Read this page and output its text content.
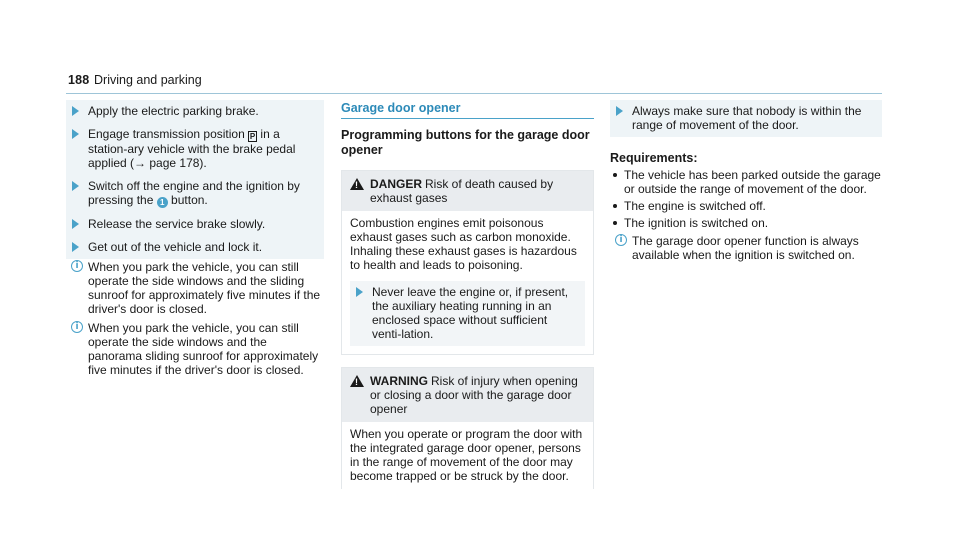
188 Driving and parking
Apply the electric parking brake.
Engage transmission position P in a station-ary vehicle with the brake pedal applied (→ page 178).
Switch off the engine and the ignition by pressing the 1 button.
Release the service brake slowly.
Get out of the vehicle and lock it.
i When you park the vehicle, you can still operate the side windows and the sliding sunroof for approximately five minutes if the driver's door is closed.
i When you park the vehicle, you can still operate the side windows and the panorama sliding sunroof for approximately five minutes if the driver's door is closed.
Garage door opener
Programming buttons for the garage door opener
!
DANGER Risk of death caused by exhaust gases
Combustion engines emit poisonous exhaust gases such as carbon monoxide. Inhaling these exhaust gases is hazardous to health and leads to poisoning.
Never leave the engine or, if present, the auxiliary heating running in an enclosed space without sufficient venti-lation.
!
WARNING Risk of injury when opening or closing a door with the garage door opener
When you operate or program the door with the integrated garage door opener, persons in the range of movement of the door may become trapped or be struck by the door.
Always make sure that nobody is within the range of movement of the door.
Requirements:
The vehicle has been parked outside the garage or outside the range of movement of the door.
The engine is switched off.
The ignition is switched on.
i The garage door opener function is always available when the ignition is switched on.
